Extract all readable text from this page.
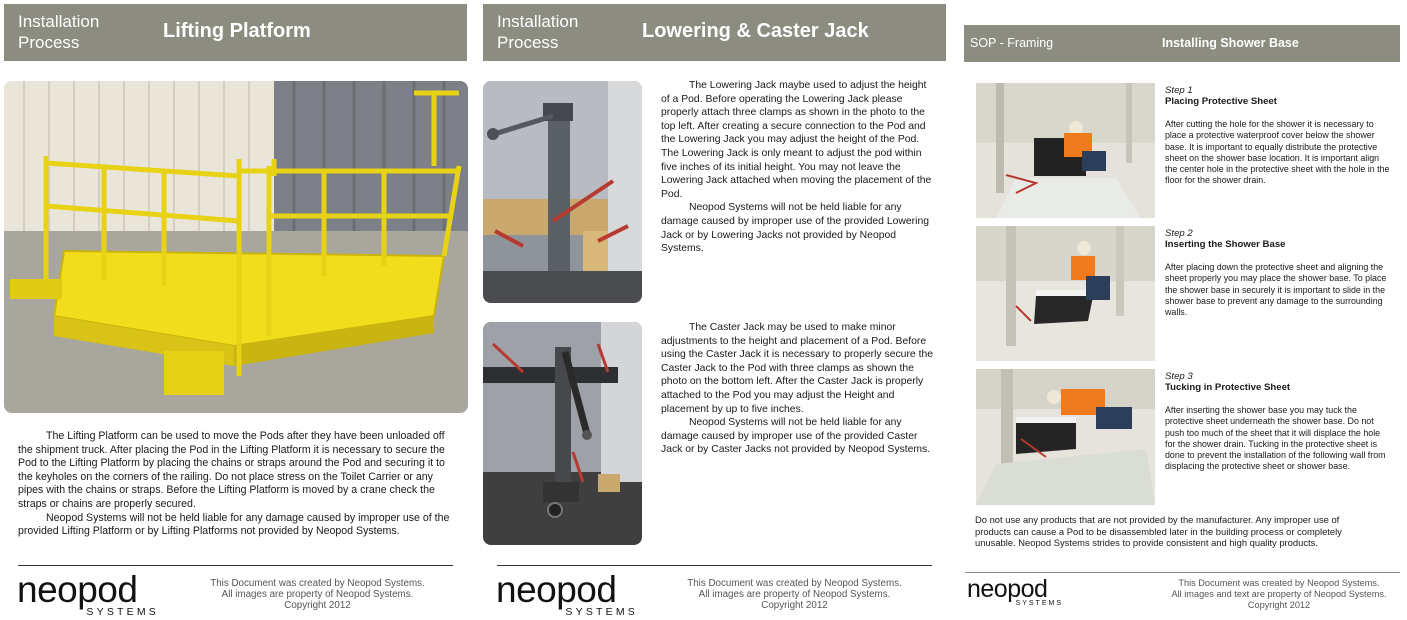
Installation
Process
Lifting Platform

The Lifting Platform can be used to move the Pods after they have been unloaded off the shipment truck. After placing the Pod in the Lifting Platform it is necessary to secure the Pod to the Lifting Platform by placing the chains or straps around the Pod and securing it to the keyholes on the corners of the railing. Do not place stress on the Toilet Carrier or any pipes with the chains or straps. Before the Lifting Platform is moved by a crane check the straps or chains are properly secured.

Neopod Systems will not be held liable for any damage caused by improper use of the provided Lifting Platform or by Lifting Platforms not provided by Neopod Systems.

neopod
SYSTEMS
This Document was created by Neopod Systems.
All images are property of Neopod Systems.
Copyright 2012
Installation
Process
Lowering & Caster Jack

The Lowering Jack maybe used to adjust the height of a Pod. Before operating the Lowering Jack please properly attach three clamps as shown in the photo to the top left. After creating a secure connection to the Pod and the Lowering Jack you may adjust the height of the Pod. The Lowering Jack is only meant to adjust the pod within five inches of its initial height. You may not leave the Lowering Jack attached when moving the placement of the Pod.

Neopod Systems will not be held liable for any damage caused by improper use of the provided Lowering Jack or by Lowering Jacks not provided by Neopod Systems.

The Caster Jack may be used to make minor adjustments to the height and placement of a Pod. Before using the Caster Jack it is necessary to properly secure the Caster Jack to the Pod with three clamps as shown the photo on the bottom left. After the Caster Jack is properly attached to the Pod you may adjust the Height and placement by up to five inches.

Neopod Systems will not be held liable for any damage caused by improper use of the provided Caster Jack or by Caster Jacks not provided by Neopod Systems.

neopod
SYSTEMS
This Document was created by Neopod Systems.
All images are property of Neopod Systems.
Copyright 2012
SOP - Framing	Installing Shower Base
Step 1
Placing Protective Sheet
After cutting the hole for the shower it is necessary to place a protective waterproof cover below the shower base. It is important to equally distribute the protective sheet on the shower base location. It is important align the center hole in the protective sheet with the hole in the floor for the shower drain.
Step 2
Inserting the Shower Base
After placing down the protective sheet and aligning the sheet properly you may place the shower base. To place the shower base in securely it is important to slide in the shower base to prevent any damage to the surrounding walls.
Step 3
Tucking in Protective Sheet
After inserting the shower base you may tuck the protective sheet underneath the shower base. Do not push too much of the sheet that it will displace the hole for the shower drain. Tucking in the protective sheet is done to prevent the installation of the following wall from displacing the protective sheet or shower base.
Do not use any products that are not provided by the manufacturer. Any improper use of products can cause a Pod to be disassembled later in the building process or completely unusable. Neopod Systems strides to provide consistent and high quality products.
neopod
SYSTEMS
This Document was created by Neopod Systems.
All images and text are property of Neopod Systems.
Copyright 2012
